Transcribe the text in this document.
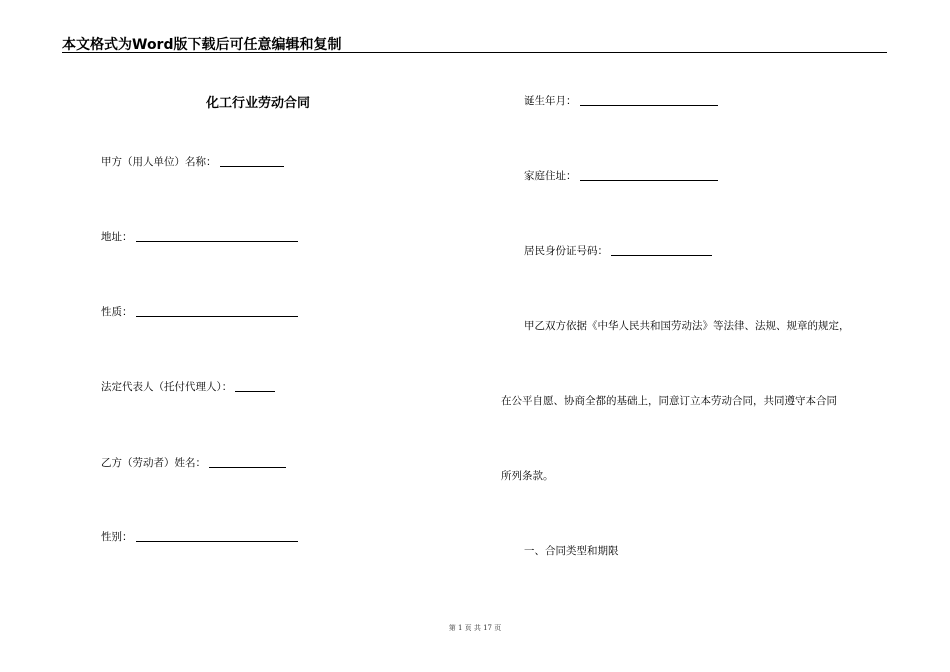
本文格式为Word版下载后可任意编辑和复制
化工行业劳动合同
甲方（用人单位）名称：
地址：
性质：
法定代表人（托付代理人）：
乙方（劳动者）姓名：
性别：
诞生年月：
家庭住址：
居民身份证号码：
甲乙双方依据《中华人民共和国劳动法》等法律、法规、规章的规定，
在公平自愿、协商全都的基础上，同意订立本劳动合同，共同遵守本合同
所列条款。
一、合同类型和期限
第 1 页 共 17 页
